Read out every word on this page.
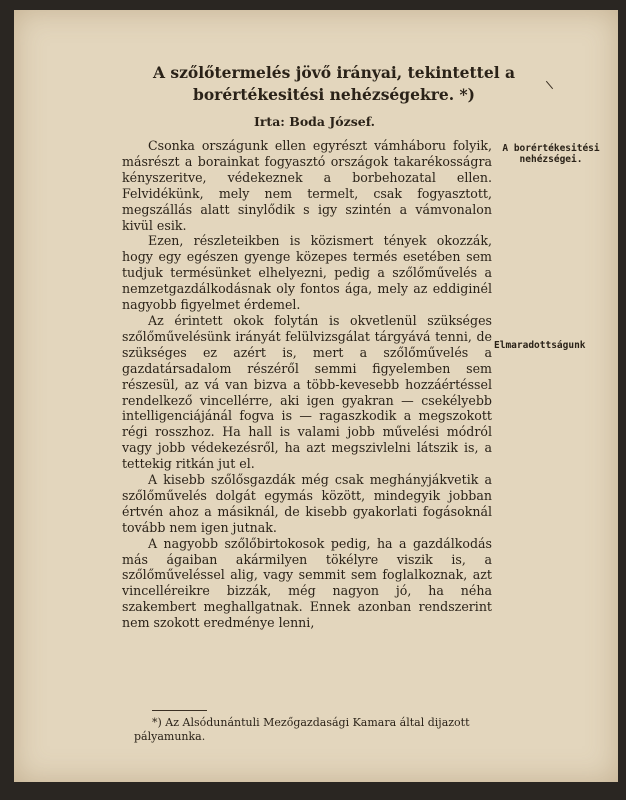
A szőlőtermelés jövő irányai, tekintettel a
borértékesitési nehézségekre. *)
Irta: Boda József.
A borértékesitési
nehézségei.
Elmaradottságunk

Csonka országunk ellen egyrészt vámháboru folyik, másrészt a borainkat fogyasztó országok takarékosságra kényszeritve, védekeznek a borbehozatal ellen. Felvidékünk, mely nem termelt, csak fogyasztott, megszállás alatt sinylődik s igy szintén a vámvonalon kivül esik.

Ezen, részleteikben is közismert tények okozzák, hogy egy egészen gyenge közepes termés esetében sem tudjuk termésünket elhelyezni, pedig a szőlőművelés a nemzetgazdálkodásnak oly fontos ága, mely az eddiginél nagyobb figyelmet érdemel.

Az érintett okok folytán is okvetlenül szükséges szőlőművelésünk irányát felülvizsgálat tárgyává tenni, de szükséges ez azért is, mert a szőlőművelés a gazdatársadalom részéről semmi figyelemben sem részesül, az vá van bizva a több-kevesebb hozzáértéssel rendelkező vincellérre, aki igen gyakran — csekélyebb intelligenciájánál fogva is — ragaszkodik a megszokott régi rosszhoz. Ha hall is valami jobb művelési módról vagy jobb védekezésről, ha azt megszivlelni látszik is, a tettekig ritkán jut el.

A kisebb szőlősgazdák még csak meghányjákvetik a szőlőművelés dolgát egymás között, mindegyik jobban értvén ahoz a másiknál, de kisebb gyakorlati fogásoknál tovább nem igen jutnak.

A nagyobb szőlőbirtokosok pedig, ha a gazdálkodás más ágaiban akármilyen tökélyre viszik is, a szőlőműveléssel alig, vagy semmit sem foglalkoznak, azt vincelléreikre bizzák, még nagyon jó, ha néha szakembert meghallgatnak. Ennek azonban rendszerint nem szokott eredménye lenni,

*) Az Alsódunántuli Mezőgazdasági Kamara által dijazott pályamunka.
